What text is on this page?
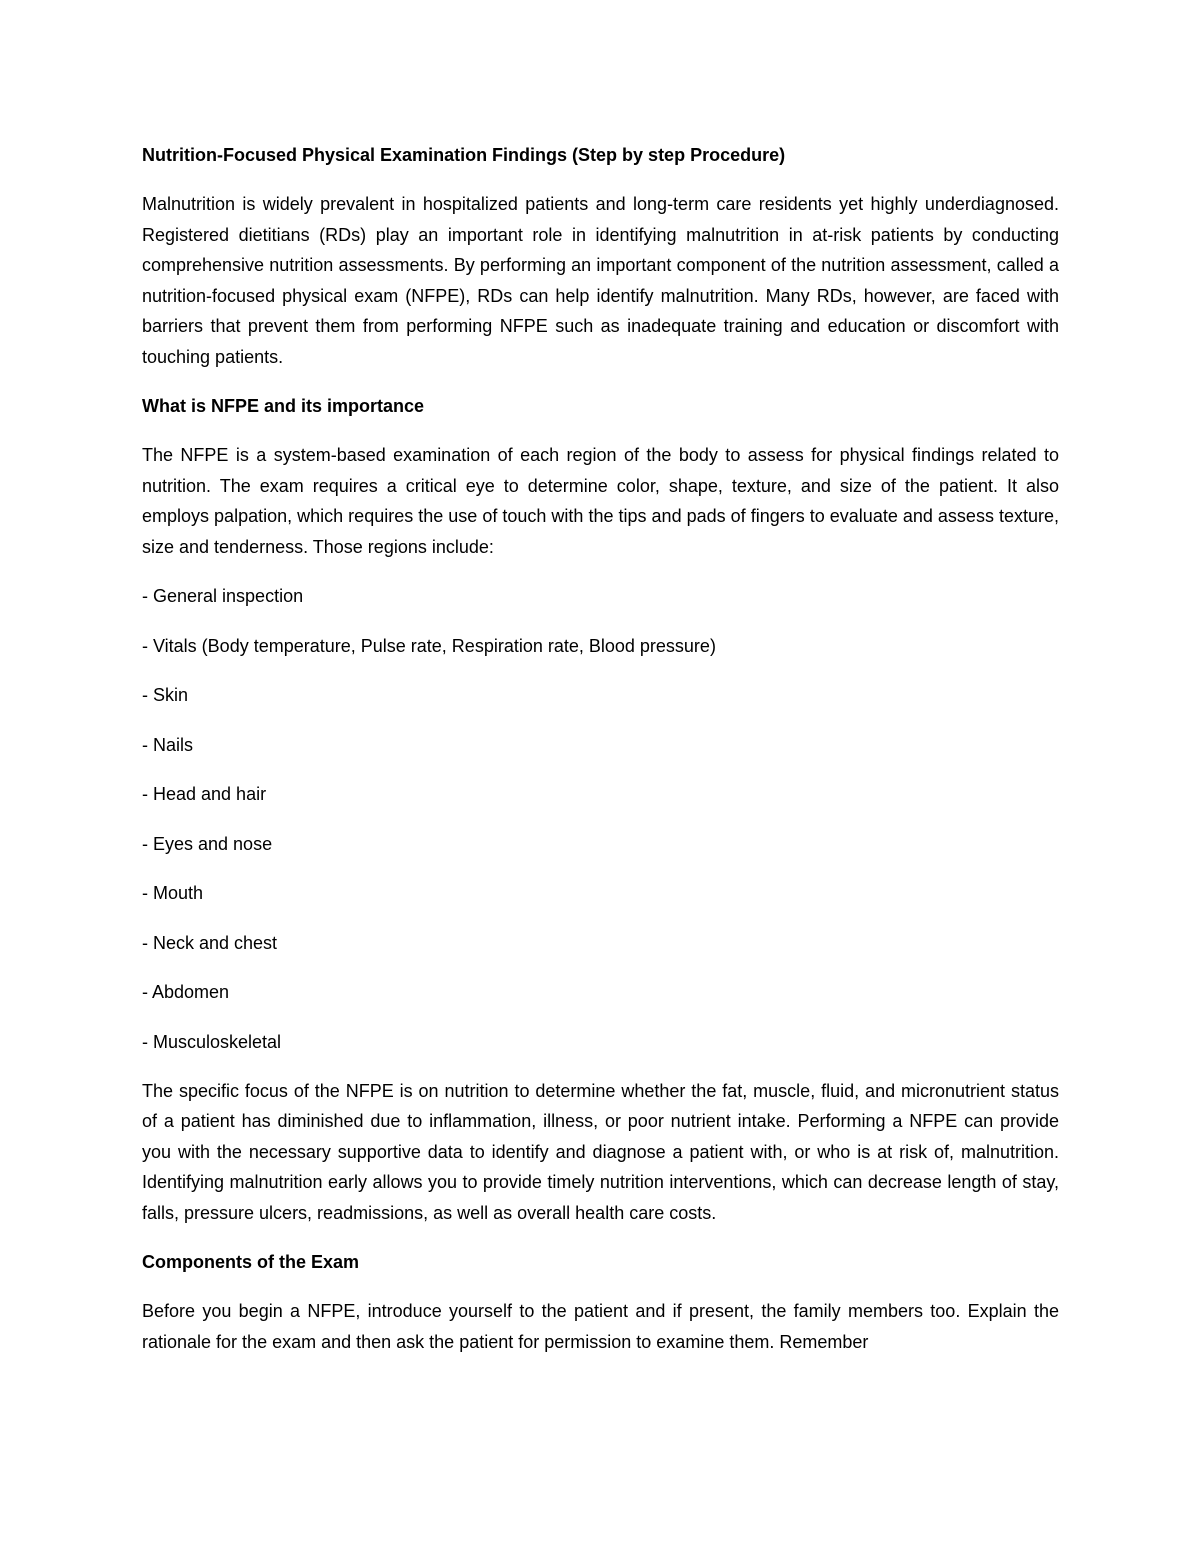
Nutrition-Focused Physical Examination Findings (Step by step Procedure)

Malnutrition is widely prevalent in hospitalized patients and long-term care residents yet highly underdiagnosed. Registered dietitians (RDs) play an important role in identifying malnutrition in at-risk patients by conducting comprehensive nutrition assessments. By performing an important component of the nutrition assessment, called a nutrition-focused physical exam (NFPE), RDs can help identify malnutrition. Many RDs, however, are faced with barriers that prevent them from performing NFPE such as inadequate training and education or discomfort with touching patients.

What is NFPE and its importance

The NFPE is a system-based examination of each region of the body to assess for physical findings related to nutrition. The exam requires a critical eye to determine color, shape, texture, and size of the patient. It also employs palpation, which requires the use of touch with the tips and pads of fingers to evaluate and assess texture, size and tenderness. Those regions include:

- General inspection
- Vitals (Body temperature, Pulse rate, Respiration rate, Blood pressure)
- Skin
- Nails
- Head and hair
- Eyes and nose
- Mouth
- Neck and chest
- Abdomen
- Musculoskeletal

The specific focus of the NFPE is on nutrition to determine whether the fat, muscle, fluid, and micronutrient status of a patient has diminished due to inflammation, illness, or poor nutrient intake. Performing a NFPE can provide you with the necessary supportive data to identify and diagnose a patient with, or who is at risk of, malnutrition. Identifying malnutrition early allows you to provide timely nutrition interventions, which can decrease length of stay, falls, pressure ulcers, readmissions, as well as overall health care costs.

Components of the Exam

Before you begin a NFPE, introduce yourself to the patient and if present, the family members too. Explain the rationale for the exam and then ask the patient for permission to examine them. Remember
